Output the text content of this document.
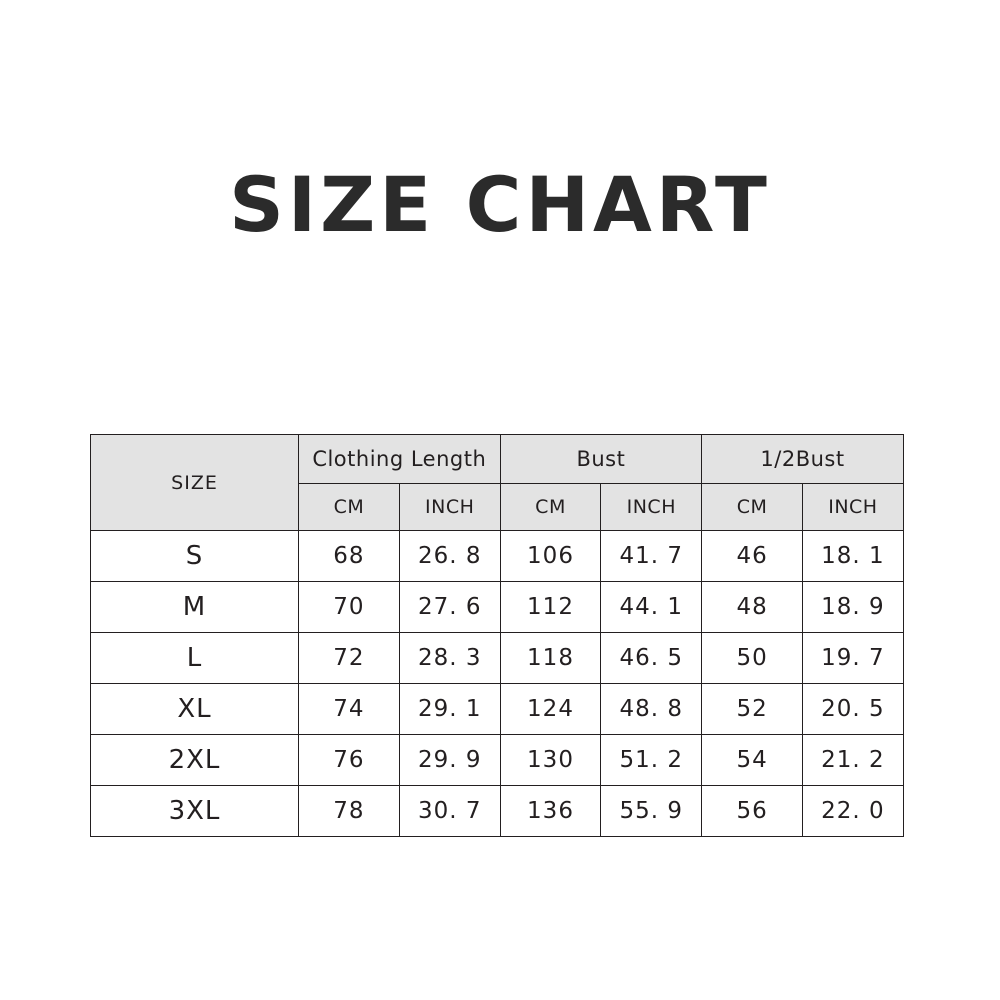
SIZE CHART
SIZE	Clothing Length		Bust		1/2Bust	
	CM	INCH	CM	INCH	CM	INCH
S	68	26. 8	106	41. 7	46	18. 1
M	70	27. 6	112	44. 1	48	18. 9
L	72	28. 3	118	46. 5	50	19. 7
XL	74	29. 1	124	48. 8	52	20. 5
2XL	76	29. 9	130	51. 2	54	21. 2
3XL	78	30. 7	136	55. 9	56	22. 0
